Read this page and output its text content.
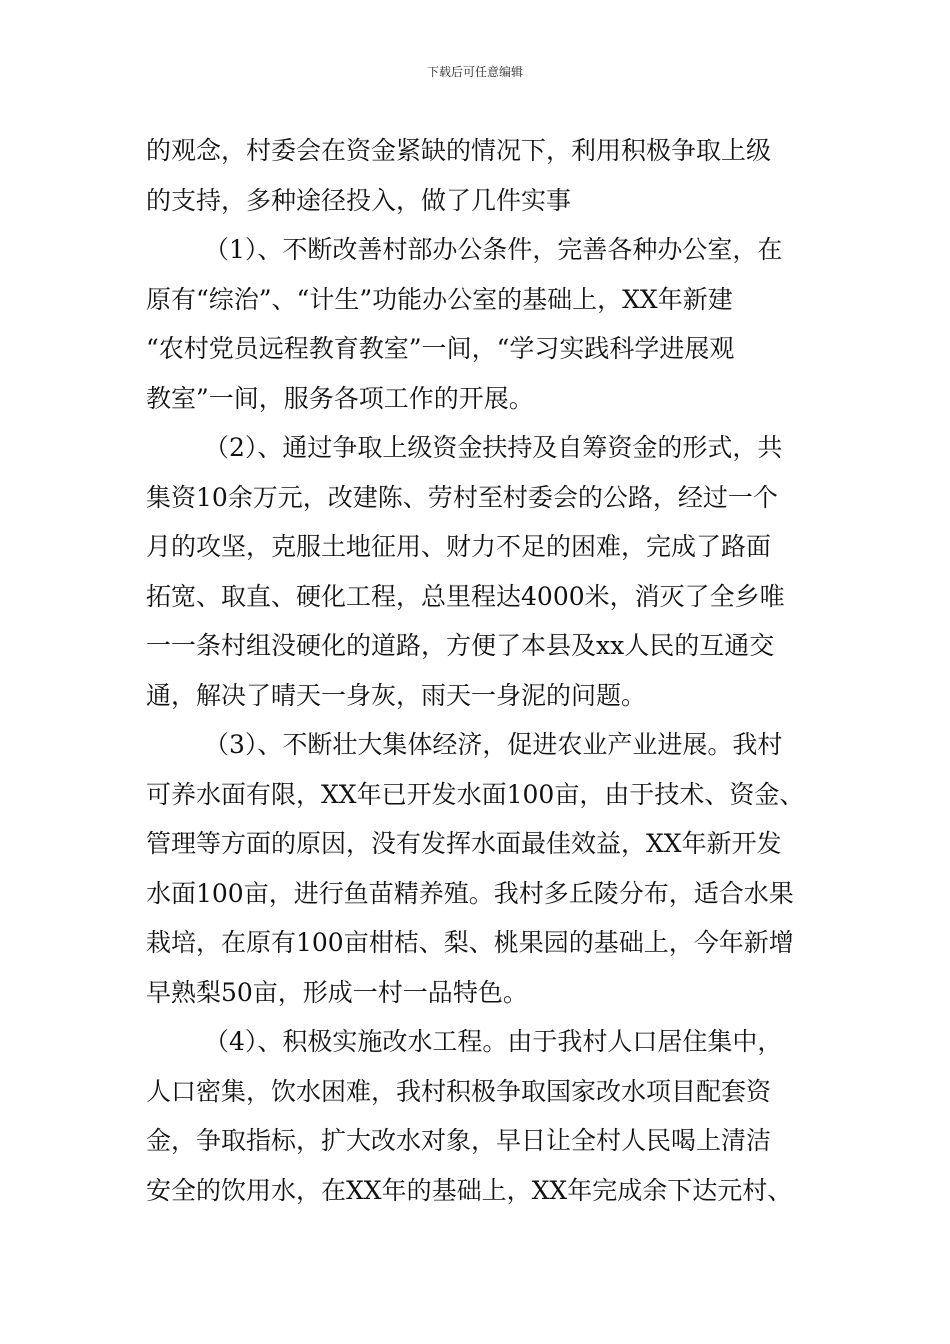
下载后可任意编辑
的观念，村委会在资金紧缺的情况下，利用积极争取上级
的支持，多种途径投入，做了几件实事
（1）、不断改善村部办公条件，完善各种办公室，在
原有“综治”、“计生”功能办公室的基础上，XX年新建
“农村党员远程教育教室”一间，“学习实践科学进展观
教室”一间，服务各项工作的开展。
（2）、通过争取上级资金扶持及自筹资金的形式，共
集资10余万元，改建陈、劳村至村委会的公路，经过一个
月的攻坚，克服土地征用、财力不足的困难，完成了路面
拓宽、取直、硬化工程，总里程达4000米，消灭了全乡唯
一一条村组没硬化的道路，方便了本县及xx人民的互通交
通，解决了晴天一身灰，雨天一身泥的问题。
（3）、不断壮大集体经济，促进农业产业进展。我村
可养水面有限，XX年已开发水面100亩，由于技术、资金、
管理等方面的原因，没有发挥水面最佳效益，XX年新开发
水面100亩，进行鱼苗精养殖。我村多丘陵分布，适合水果
栽培，在原有100亩柑桔、梨、桃果园的基础上，今年新增
早熟梨50亩，形成一村一品特色。
（4）、积极实施改水工程。由于我村人口居住集中，
人口密集，饮水困难，我村积极争取国家改水项目配套资
金，争取指标，扩大改水对象，早日让全村人民喝上清洁
安全的饮用水，在XX年的基础上，XX年完成余下达元村、
